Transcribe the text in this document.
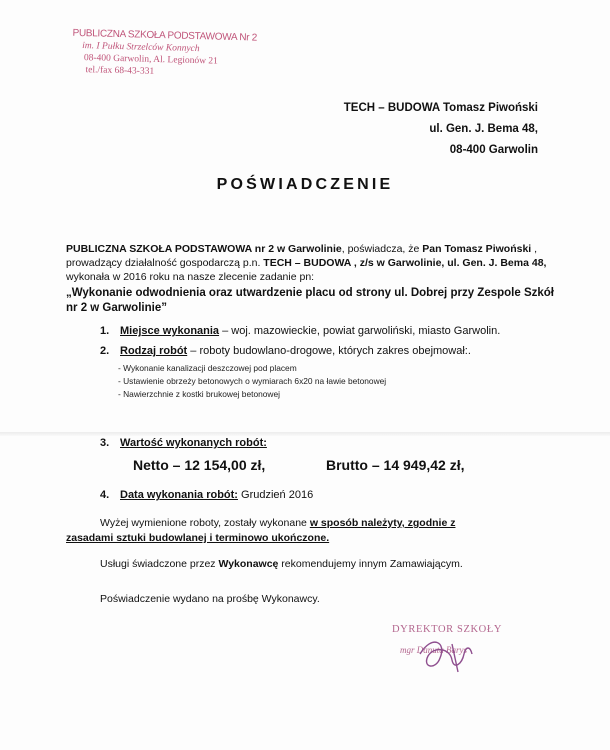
PUBLICZNA SZKOŁA PODSTAWOWA Nr 2
im. I Pułku Strzelców Konnych
08-400 Garwolin, Al. Legionów 21
tel./fax 68-43-331
TECH – BUDOWA Tomasz Piwoński
ul. Gen. J. Bema 48,
08-400 Garwolin
POŚWIADCZENIE
PUBLICZNA SZKOŁA PODSTAWOWA nr 2 w Garwolinie, poświadcza, że Pan Tomasz Piwoński , prowadzący działalność gospodarczą p.n. TECH – BUDOWA , z/s w Garwolinie, ul. Gen. J. Bema 48, wykonała w 2016 roku na nasze zlecenie zadanie pn:
„Wykonanie odwodnienia oraz utwardzenie placu od strony ul. Dobrej przy Zespole Szkół nr 2 w Garwolinie”
1. Miejsce wykonania – woj. mazowieckie, powiat garwoliński, miasto Garwolin.
2. Rodzaj robót – roboty budowlano-drogowe, których zakres obejmował:.
- Wykonanie kanalizacji deszczowej pod placem
- Ustawienie obrzeży betonowych o wymiarach 6x20 na ławie betonowej
- Nawierzchnie z kostki brukowej betonowej
3. Wartość wykonanych robót:
Netto – 12 154,00 zł,	Brutto – 14 949,42 zł,
4. Data wykonania robót: Grudzień 2016
Wyżej wymienione roboty, zostały wykonane w sposób należyty, zgodnie z
zasadami sztuki budowlanej i terminowo ukończone.
Usługi świadczone przez Wykonawcę rekomendujemy innym Zamawiającym.
Poświadczenie wydano na prośbę Wykonawcy.
DYREKTOR SZKOŁY
mgr Danuta Barys
